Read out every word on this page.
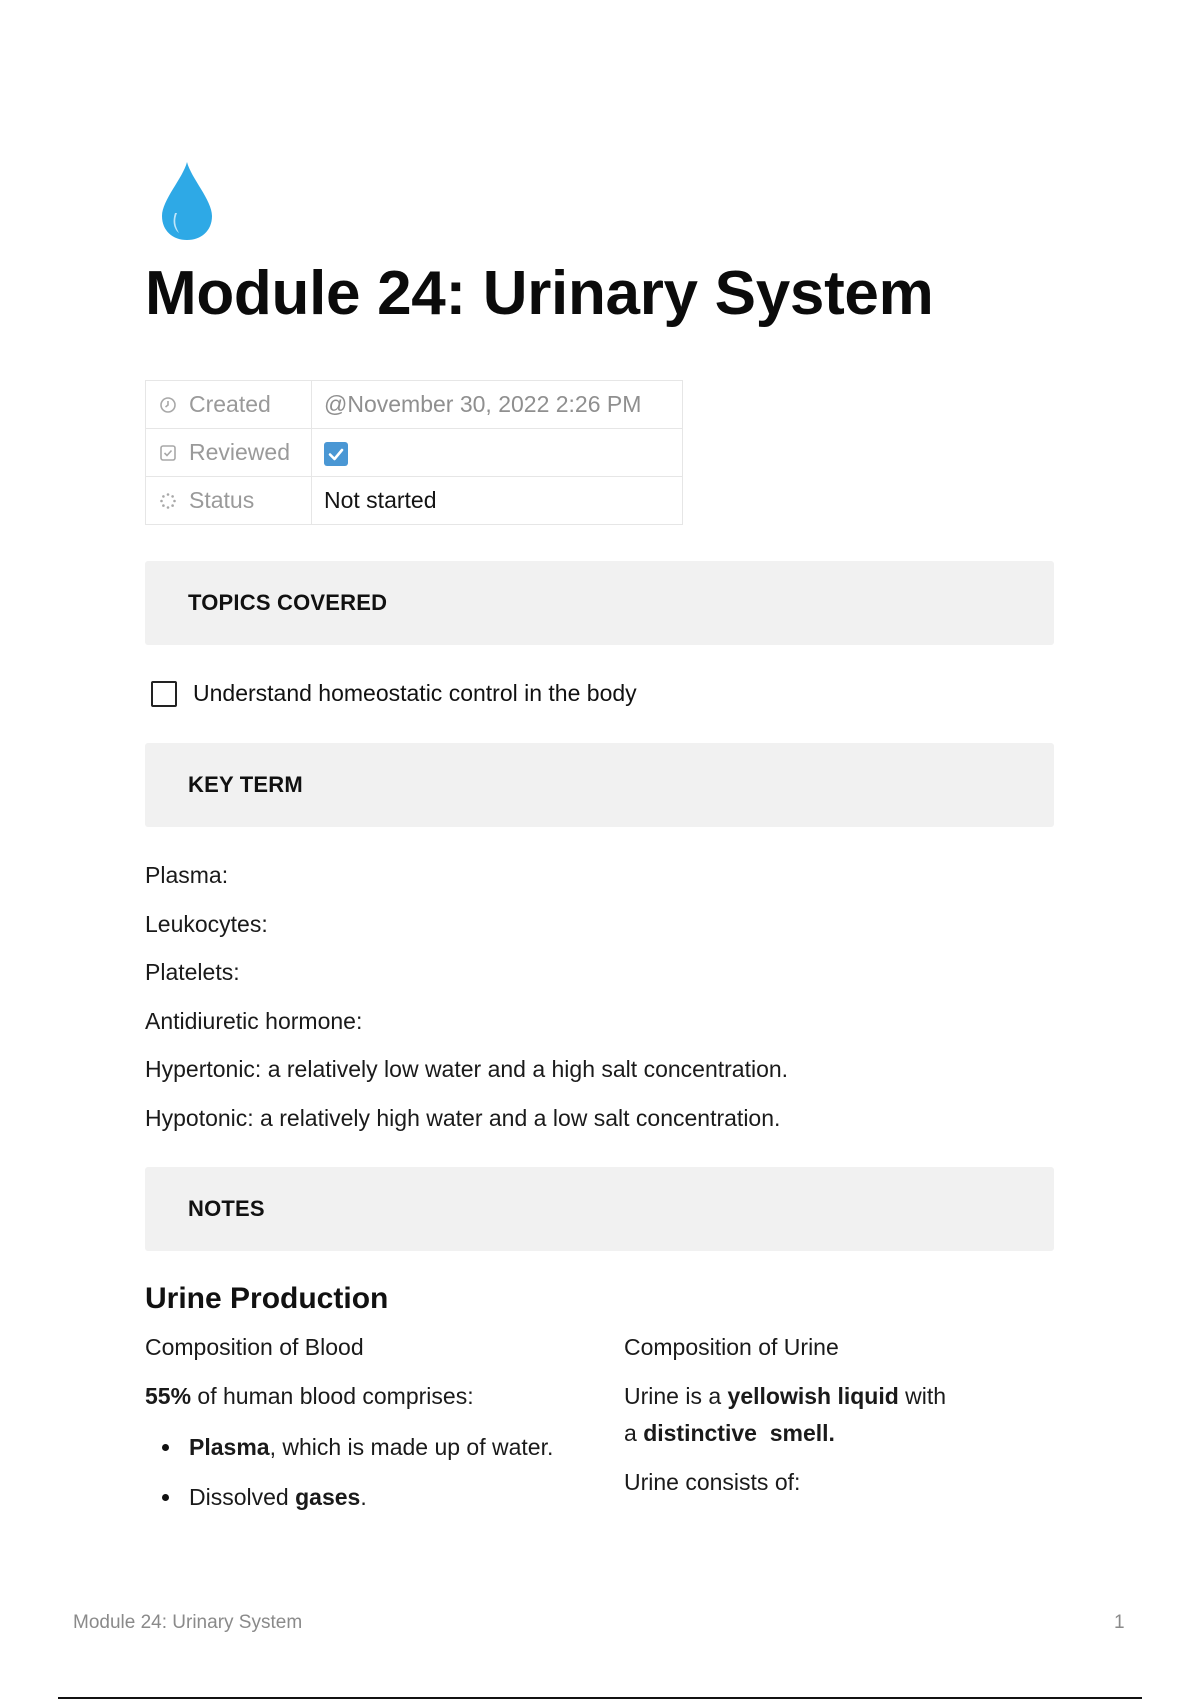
Module 24: Urinary System
Created	@November 30, 2022 2:26 PM

Reviewed

Status	Not started
TOPICS COVERED
Understand homeostatic control in the body
KEY TERM
Plasma:
Leukocytes:
Platelets:
Antidiuretic hormone:
Hypertonic: a relatively low water and a high salt concentration.
Hypotonic: a relatively high water and a low salt concentration.
NOTES
Urine Production
Composition of Blood
55% of human blood comprises:
Plasma, which is made up of water.
Dissolved gases.
Composition of Urine
Urine is a yellowish liquid with
a distinctive  smell.
Urine consists of:
Module 24: Urinary System	1
